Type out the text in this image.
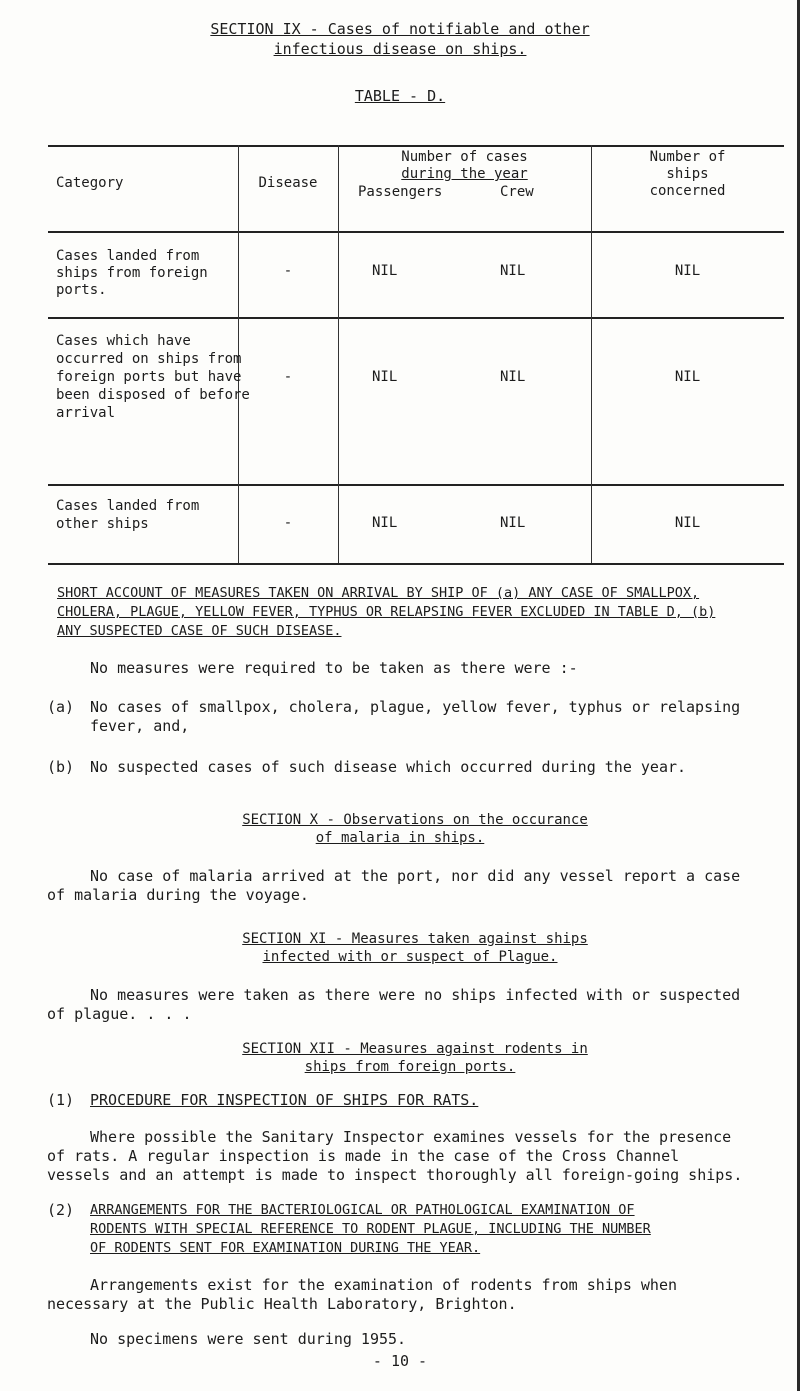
SECTION IX - Cases of notifiable and other
infectious disease on ships.
TABLE - D.
Category	Disease
Number of cases
during the year
Passengers	Crew
Number of
ships
concerned
Cases landed from
ships from foreign
ports.
-	NIL	NIL	NIL
Cases which have
occurred on ships from
foreign ports but have
been disposed of before
arrival
-	NIL	NIL	NIL
Cases landed from
other ships	-	NIL	NIL	NIL
SHORT ACCOUNT OF MEASURES TAKEN ON ARRIVAL BY SHIP OF (a) ANY CASE OF SMALLPOX,
CHOLERA, PLAGUE, YELLOW FEVER, TYPHUS OR RELAPSING FEVER EXCLUDED IN TABLE D, (b)
ANY SUSPECTED CASE OF SUCH DISEASE.
No measures were required to be taken as there were :-
(a) No cases of smallpox, cholera, plague, yellow fever, typhus or relapsing
fever, and,
(b) No suspected cases of such disease which occurred during the year.
SECTION X - Observations on the occurance
of malaria in ships.
No case of malaria arrived at the port, nor did any vessel report a case
of malaria during the voyage.
SECTION XI - Measures taken against ships
infected with or suspect of Plague.
No measures were taken as there were no ships infected with or suspected
of plague. . . .
SECTION XII - Measures against rodents in
ships from foreign ports.
(1) PROCEDURE FOR INSPECTION OF SHIPS FOR RATS.
Where possible the Sanitary Inspector examines vessels for the presence
of rats. A regular inspection is made in the case of the Cross Channel
vessels and an attempt is made to inspect thoroughly all foreign-going ships.
(2) ARRANGEMENTS FOR THE BACTERIOLOGICAL OR PATHOLOGICAL EXAMINATION OF
RODENTS WITH SPECIAL REFERENCE TO RODENT PLAGUE, INCLUDING THE NUMBER
OF RODENTS SENT FOR EXAMINATION DURING THE YEAR.
Arrangements exist for the examination of rodents from ships when
necessary at the Public Health Laboratory, Brighton.
No specimens were sent during 1955.
- 10 -
